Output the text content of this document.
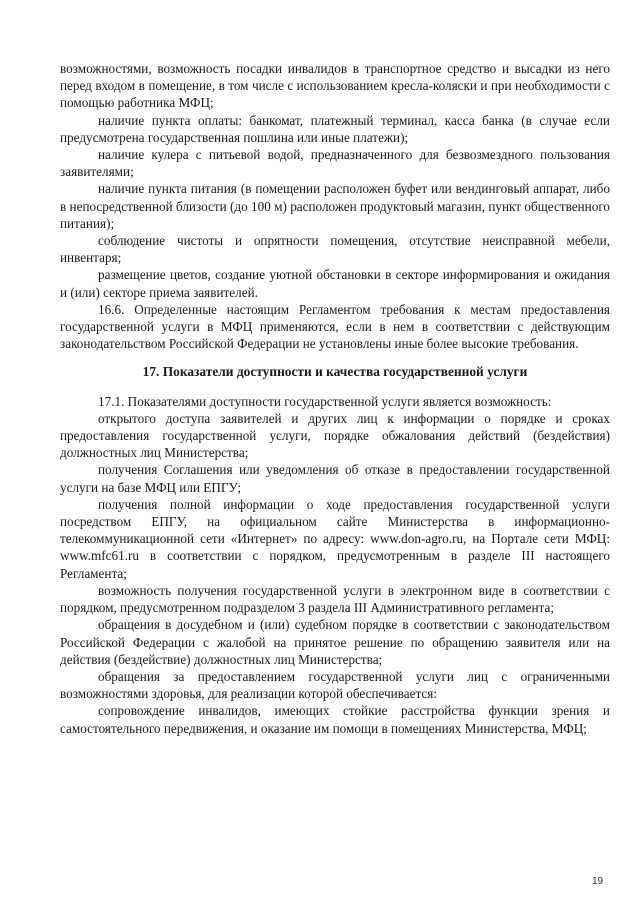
возможностями, возможность посадки инвалидов в транспортное средство и высадки из него перед входом в помещение, в том числе с использованием кресла-коляски и при необходимости с помощью работника МФЦ;

наличие пункта оплаты: банкомат, платежный терминал, касса банка (в случае если предусмотрена государственная пошлина или иные платежи);

наличие кулера с питьевой водой, предназначенного для безвозмездного пользования заявителями;

наличие пункта питания (в помещении расположен буфет или вендинговый аппарат, либо в непосредственной близости (до 100 м) расположен продуктовый магазин, пункт общественного питания);

соблюдение чистоты и опрятности помещения, отсутствие неисправной мебели, инвентаря;

размещение цветов, создание уютной обстановки в секторе информирования и ожидания и (или) секторе приема заявителей.

16.6. Определенные настоящим Регламентом требования к местам предоставления государственной услуги в МФЦ применяются, если в нем в соответствии с действующим законодательством Российской Федерации не установлены иные более высокие требования.

17. Показатели доступности и качества государственной услуги

17.1. Показателями доступности государственной услуги является возможность:

открытого доступа заявителей и других лиц к информации о порядке и сроках предоставления государственной услуги, порядке обжалования действий (бездействия) должностных лиц Министерства;

получения Соглашения или уведомления об отказе в предоставлении государственной услуги на базе МФЦ или ЕПГУ;

получения полной информации о ходе предоставления государственной услуги посредством ЕПГУ, на официальном сайте Министерства в информационно-телекоммуникационной сети «Интернет» по адресу: www.don-agro.ru, на Портале сети МФЦ: www.mfc61.ru в соответствии с порядком, предусмотренным в разделе III настоящего Регламента;

возможность получения государственной услуги в электронном виде в соответствии с порядком, предусмотренном подразделом 3 раздела III Административного регламента;

обращения в досудебном и (или) судебном порядке в соответствии с законодательством Российской Федерации с жалобой на принятое решение по обращению заявителя или на действия (бездействие) должностных лиц Министерства;

обращения за предоставлением государственной услуги лиц с ограниченными возможностями здоровья, для реализации которой обеспечивается:

сопровождение инвалидов, имеющих стойкие расстройства функции зрения и самостоятельного передвижения, и оказание им помощи в помещениях Министерства, МФЦ;

19
